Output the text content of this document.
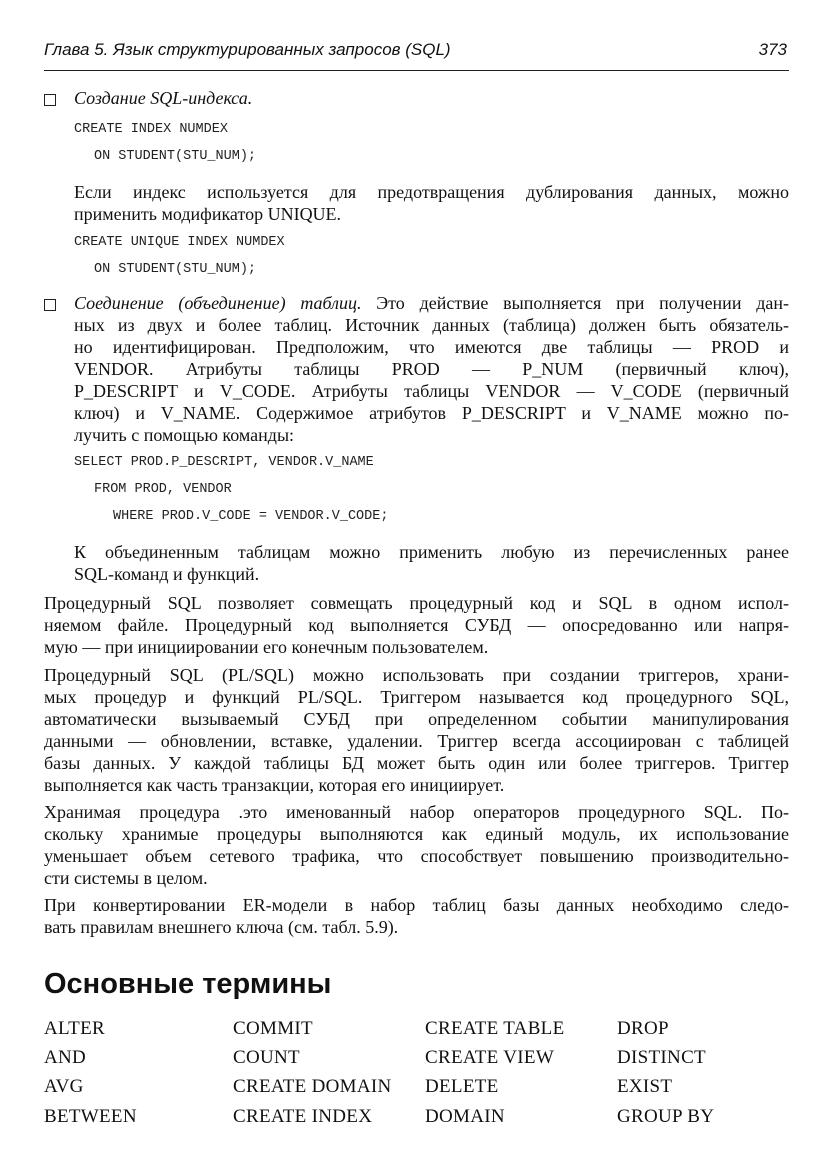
Глава 5. Язык структурированных запросов (SQL)	373
Создание SQL-индекса.
CREATE INDEX NUMDEX
ON STUDENT(STU_NUM);
Если индекс используется для предотвращения дублирования данных, можно
применить модификатор UNIQUE.
CREATE UNIQUE INDEX NUMDEX
ON STUDENT(STU_NUM);
Соединение (объединение) таблиц. Это действие выполняется при получении дан-
ных из двух и более таблиц. Источник данных (таблица) должен быть обязатель-
но идентифицирован. Предположим, что имеются две таблицы — PROD и
VENDOR. Атрибуты таблицы PROD — P_NUM (первичный ключ),
P_DESCRIPT и V_CODE. Атрибуты таблицы VENDOR — V_CODE (первичный
ключ) и V_NAME. Содержимое атрибутов P_DESCRIPT и V_NAME можно по-
лучить с помощью команды:
SELECT PROD.P_DESCRIPT, VENDOR.V_NAME
FROM PROD, VENDOR
WHERE PROD.V_CODE = VENDOR.V_CODE;
К объединенным таблицам можно применить любую из перечисленных ранее
SQL-команд и функций.
Процедурный SQL позволяет совмещать процедурный код и SQL в одном испол-
няемом файле. Процедурный код выполняется СУБД — опосредованно или напря-
мую — при инициировании его конечным пользователем.
Процедурный SQL (PL/SQL) можно использовать при создании триггеров, храни-
мых процедур и функций PL/SQL. Триггером называется код процедурного SQL,
автоматически вызываемый СУБД при определенном событии манипулирования
данными — обновлении, вставке, удалении. Триггер всегда ассоциирован с таблицей
базы данных. У каждой таблицы БД может быть один или более триггеров. Триггер
выполняется как часть транзакции, которая его инициирует.
Хранимая процедура .это именованный набор операторов процедурного SQL. По-
скольку хранимые процедуры выполняются как единый модуль, их использование
уменьшает объем сетевого трафика, что способствует повышению производительно-
сти системы в целом.
При конвертировании ER-модели в набор таблиц базы данных необходимо следо-
вать правилам внешнего ключа (см. табл. 5.9).
Основные термины
ALTER
AND
AVG
BETWEEN
COMMIT
COUNT
CREATE DOMAIN
CREATE INDEX
CREATE TABLE
CREATE VIEW
DELETE
DOMAIN
DROP
DISTINCT
EXIST
GROUP BY
